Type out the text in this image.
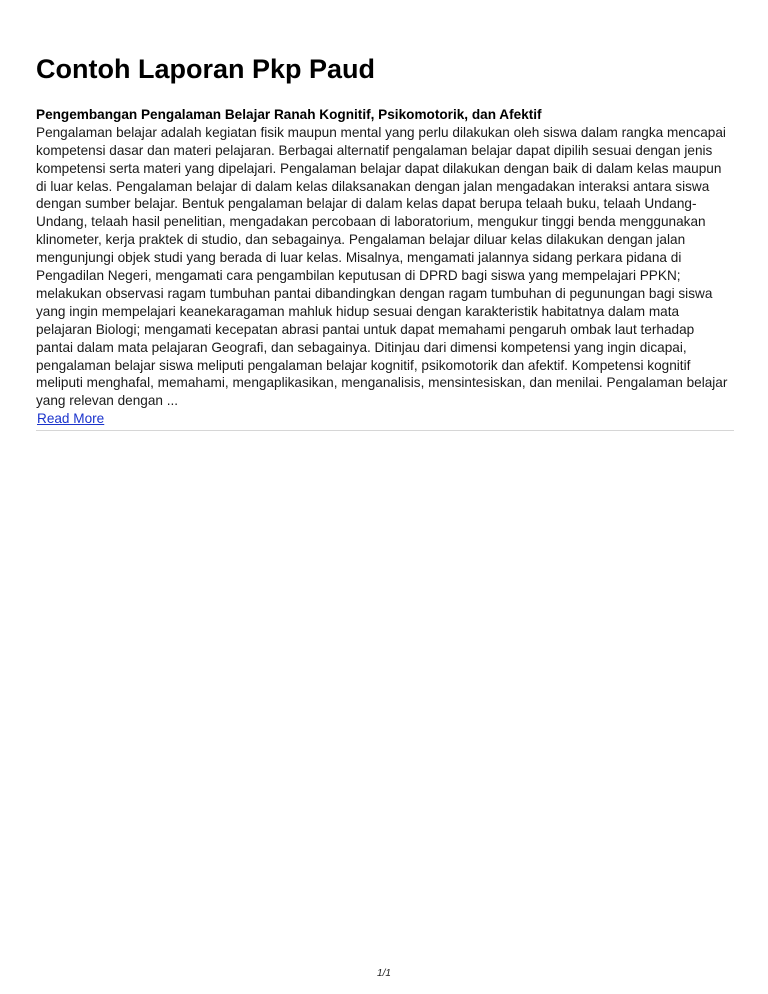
Contoh Laporan Pkp Paud
Pengembangan Pengalaman Belajar Ranah Kognitif, Psikomotorik, dan Afektif

Pengalaman belajar adalah kegiatan fisik maupun mental yang perlu dilakukan oleh siswa dalam rangka mencapai kompetensi dasar dan materi pelajaran. Berbagai alternatif pengalaman belajar dapat dipilih sesuai dengan jenis kompetensi serta materi yang dipelajari. Pengalaman belajar dapat dilakukan dengan baik di dalam kelas maupun di luar kelas. Pengalaman belajar di dalam kelas dilaksanakan dengan jalan mengadakan interaksi antara siswa dengan sumber belajar. Bentuk pengalaman belajar di dalam kelas dapat berupa telaah buku, telaah Undang-Undang, telaah hasil penelitian, mengadakan percobaan di laboratorium, mengukur tinggi benda menggunakan klinometer, kerja praktek di studio, dan sebagainya. Pengalaman belajar diluar kelas dilakukan dengan jalan mengunjungi objek studi yang berada di luar kelas. Misalnya, mengamati jalannya sidang perkara pidana di Pengadilan Negeri, mengamati cara pengambilan keputusan di DPRD bagi siswa yang mempelajari PPKN; melakukan observasi ragam tumbuhan pantai dibandingkan dengan ragam tumbuhan di pegunungan bagi siswa yang ingin mempelajari keanekaragaman mahluk hidup sesuai dengan karakteristik habitatnya dalam mata pelajaran Biologi; mengamati kecepatan abrasi pantai untuk dapat memahami pengaruh ombak laut terhadap pantai dalam mata pelajaran Geografi, dan sebagainya. Ditinjau dari dimensi kompetensi yang ingin dicapai, pengalaman belajar siswa meliputi pengalaman belajar kognitif, psikomotorik dan afektif. Kompetensi kognitif meliputi menghafal, memahami, mengaplikasikan, menganalisis, mensintesiskan, dan menilai. Pengalaman belajar yang relevan dengan ...

Read More
1/1
